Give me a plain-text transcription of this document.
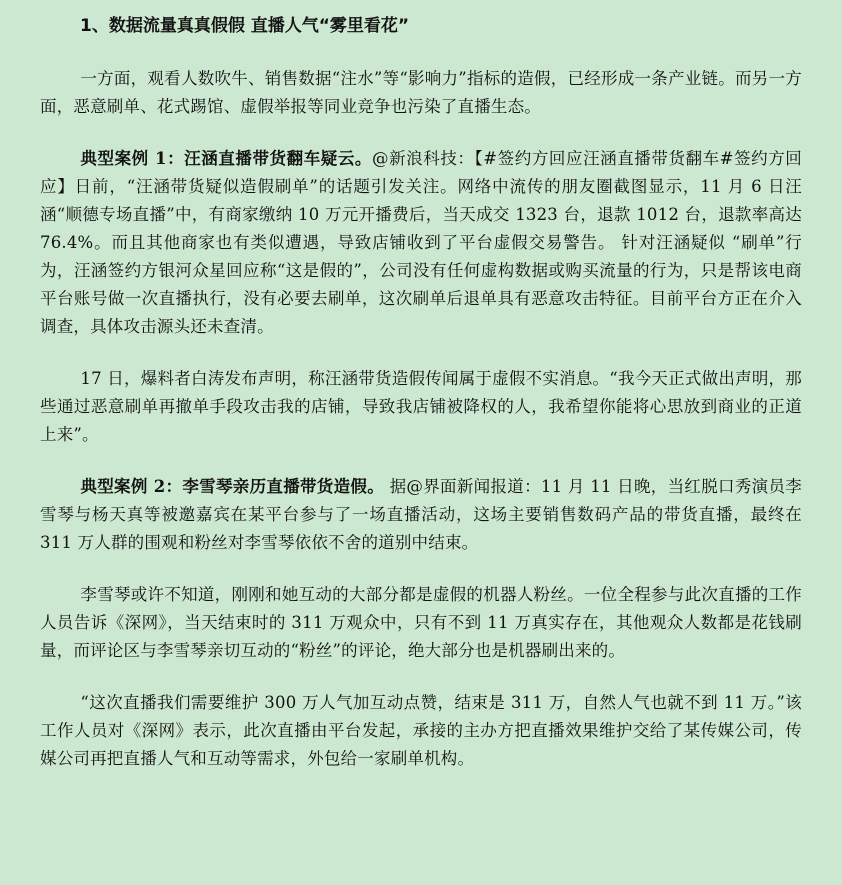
1、数据流量真真假假 直播人气“雾里看花”

一方面，观看人数吹牛、销售数据“注水”等“影响力”指标的造假，已经形成一条产业链。而另一方面，恶意刷单、花式踢馆、虚假举报等同业竞争也污染了直播生态。

典型案例 1：汪涵直播带货翻车疑云。@新浪科技：【#签约方回应汪涵直播带货翻车#签约方回应】日前，“汪涵带货疑似造假刷单”的话题引发关注。网络中流传的朋友圈截图显示，11 月 6 日汪涵“顺德专场直播”中，有商家缴纳 10 万元开播费后，当天成交 1323 台，退款 1012 台，退款率高达 76.4%。而且其他商家也有类似遭遇，导致店铺收到了平台虚假交易警告。 针对汪涵疑似 “刷单”行为，汪涵签约方银河众星回应称“这是假的”，公司没有任何虚构数据或购买流量的行为，只是帮该电商平台账号做一次直播执行，没有必要去刷单，这次刷单后退单具有恶意攻击特征。目前平台方正在介入调查，具体攻击源头还未查清。

17 日，爆料者白涛发布声明，称汪涵带货造假传闻属于虚假不实消息。“我今天正式做出声明，那些通过恶意刷单再撤单手段攻击我的店铺，导致我店铺被降权的人，我希望你能将心思放到商业的正道上来”。

典型案例 2：李雪琴亲历直播带货造假。 据@界面新闻报道：11 月 11 日晚，当红脱口秀演员李雪琴与杨天真等被邀嘉宾在某平台参与了一场直播活动，这场主要销售数码产品的带货直播，最终在 311 万人群的围观和粉丝对李雪琴依依不舍的道别中结束。

李雪琴或许不知道，刚刚和她互动的大部分都是虚假的机器人粉丝。一位全程参与此次直播的工作人员告诉《深网》，当天结束时的 311 万观众中，只有不到 11 万真实存在，其他观众人数都是花钱刷量，而评论区与李雪琴亲切互动的“粉丝”的评论，绝大部分也是机器刷出来的。

“这次直播我们需要维护 300 万人气加互动点赞，结束是 311 万，自然人气也就不到 11 万。”该工作人员对《深网》表示，此次直播由平台发起，承接的主办方把直播效果维护交给了某传媒公司，传媒公司再把直播人气和互动等需求，外包给一家刷单机构。
